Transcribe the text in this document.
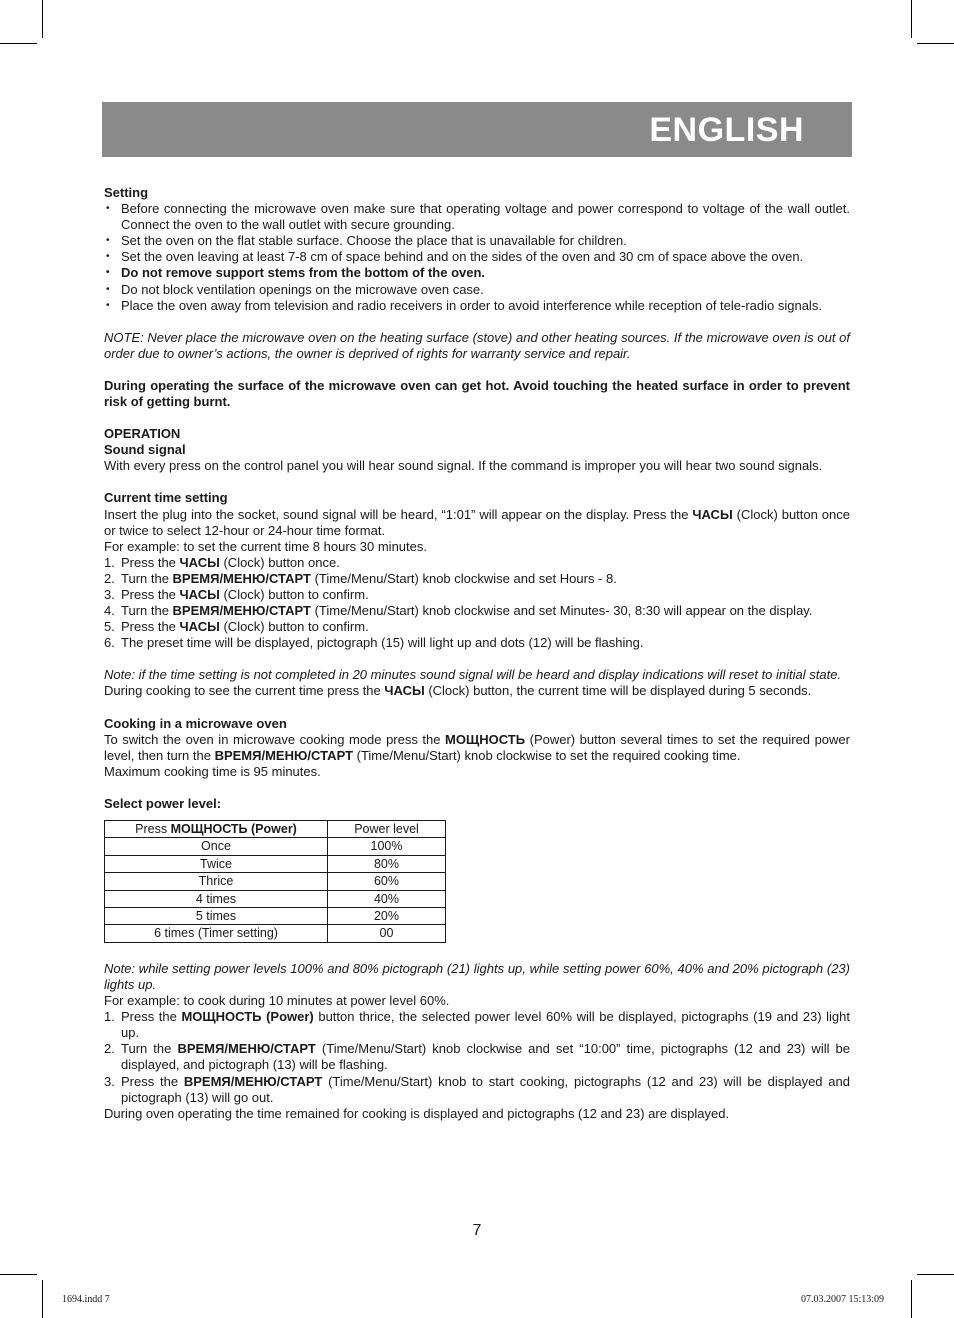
ENGLISH

Setting

• Before connecting the microwave oven make sure that operating voltage and power correspond to voltage of the wall outlet. Connect the oven to the wall outlet with secure grounding.
• Set the oven on the flat stable surface. Choose the place that is unavailable for children.
• Set the oven leaving at least 7-8 cm of space behind and on the sides of the oven and 30 cm of space above the oven.
• Do not remove support stems from the bottom of the oven.
• Do not block ventilation openings on the microwave oven case.
• Place the oven away from television and radio receivers in order to avoid interference while reception of tele-radio signals.

NOTE: Never place the microwave oven on the heating surface (stove) and other heating sources. If the microwave oven is out of order due to owner’s actions, the owner is deprived of rights for warranty service and repair.

During operating the surface of the microwave oven can get hot. Avoid touching the heated surface in order to prevent risk of getting burnt.

OPERATION

Sound signal

With every press on the control panel you will hear sound signal. If the command is improper you will hear two sound signals.

Current time setting

Insert the plug into the socket, sound signal will be heard, “1:01” will appear on the display. Press the ЧАСЫ (Clock) button once or twice to select 12-hour or 24-hour time format.

For example: to set the current time 8 hours 30 minutes.

1. Press the ЧАСЫ (Clock) button once.
2. Turn the ВРЕМЯ/МЕНЮ/СТАРТ (Time/Menu/Start) knob clockwise and set Hours - 8.
3. Press the ЧАСЫ (Clock) button to confirm.
4. Turn the ВРЕМЯ/МЕНЮ/СТАРТ (Time/Menu/Start) knob clockwise and set Minutes- 30, 8:30 will appear on the display.
5. Press the ЧАСЫ (Clock) button to confirm.
6. The preset time will be displayed, pictograph (15) will light up and dots (12) will be flashing.

Note: if the time setting is not completed in 20 minutes sound signal will be heard and display indications will reset to initial state.

During cooking to see the current time press the ЧАСЫ (Clock) button, the current time will be displayed during 5 seconds.

Cooking in a microwave oven

To switch the oven in microwave cooking mode press the МОЩНОСТЬ (Power) button several times to set the required power level, then turn the ВРЕМЯ/МЕНЮ/СТАРТ (Time/Menu/Start) knob clockwise to set the required cooking time.

Maximum cooking time is 95 minutes.

Select power level:

Press МОЩНОСТЬ (Power)	Power level
Once	100%
Twice	80%
Thrice	60%
4 times	40%
5 times	20%
6 times (Timer setting)	00

Note: while setting power levels 100% and 80% pictograph (21) lights up, while setting power 60%, 40% and 20% pictograph (23) lights up.

For example: to cook during 10 minutes at power level 60%.

1. Press the МОЩНОСТЬ (Power) button thrice, the selected power level 60% will be displayed, pictographs (19 and 23) light up.
2. Turn the ВРЕМЯ/МЕНЮ/СТАРТ (Time/Menu/Start) knob clockwise and set “10:00” time, pictographs (12 and 23) will be displayed, and pictograph (13) will be flashing.
3. Press the ВРЕМЯ/МЕНЮ/СТАРТ (Time/Menu/Start) knob to start cooking, pictographs (12 and 23) will be displayed and pictograph (13) will go out.

During oven operating the time remained for cooking is displayed and pictographs (12 and 23) are displayed.

7
1694.indd 7	07.03.2007 15:13:09
